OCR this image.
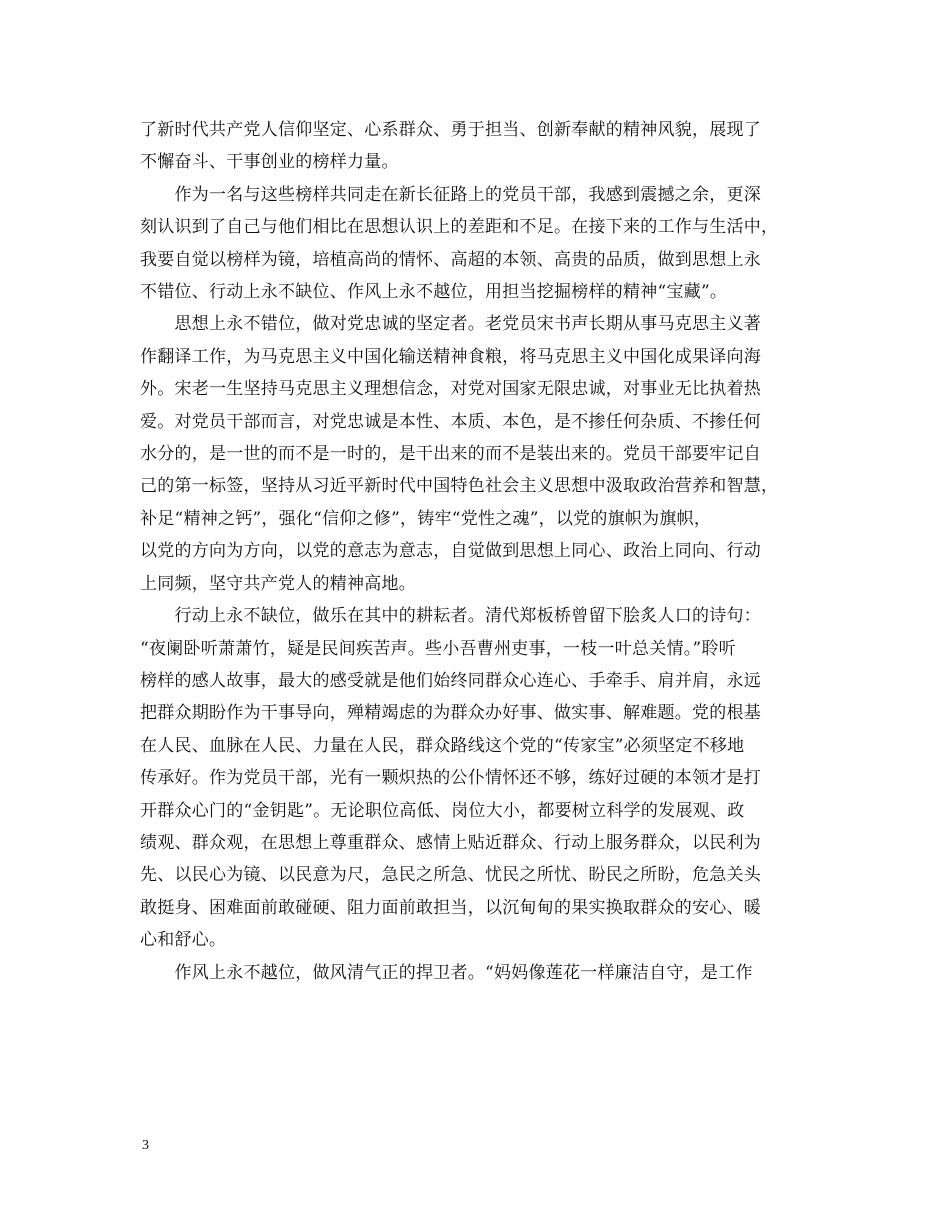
了新时代共产党人信仰坚定、心系群众、勇于担当、创新奉献的精神风貌，展现了
不懈奋斗、干事创业的榜样力量。
　　作为一名与这些榜样共同走在新长征路上的党员干部，我感到震撼之余，更深
刻认识到了自己与他们相比在思想认识上的差距和不足。在接下来的工作与生活中，
我要自觉以榜样为镜，培植高尚的情怀、高超的本领、高贵的品质，做到思想上永
不错位、行动上永不缺位、作风上永不越位，用担当挖掘榜样的精神“宝藏”。
　　思想上永不错位，做对党忠诚的坚定者。老党员宋书声长期从事马克思主义著
作翻译工作，为马克思主义中国化输送精神食粮，将马克思主义中国化成果译向海
外。宋老一生坚持马克思主义理想信念，对党对国家无限忠诚，对事业无比执着热
爱。对党员干部而言，对党忠诚是本性、本质、本色，是不掺任何杂质、不掺任何
水分的，是一世的而不是一时的，是干出来的而不是装出来的。党员干部要牢记自
己的第一标签，坚持从习近平新时代中国特色社会主义思想中汲取政治营养和智慧，
补足“精神之钙”，强化“信仰之修”，铸牢“党性之魂”，以党的旗帜为旗帜，
以党的方向为方向，以党的意志为意志，自觉做到思想上同心、政治上同向、行动
上同频，坚守共产党人的精神高地。
　　行动上永不缺位，做乐在其中的耕耘者。清代郑板桥曾留下脍炙人口的诗句：
“夜阑卧听萧萧竹，疑是民间疾苦声。些小吾曹州吏事，一枝一叶总关情。”聆听
榜样的感人故事，最大的感受就是他们始终同群众心连心、手牵手、肩并肩，永远
把群众期盼作为干事导向，殚精竭虑的为群众办好事、做实事、解难题。党的根基
在人民、血脉在人民、力量在人民，群众路线这个党的“传家宝”必须坚定不移地
传承好。作为党员干部，光有一颗炽热的公仆情怀还不够，练好过硬的本领才是打
开群众心门的“金钥匙”。无论职位高低、岗位大小，都要树立科学的发展观、政
绩观、群众观，在思想上尊重群众、感情上贴近群众、行动上服务群众，以民利为
先、以民心为镜、以民意为尺，急民之所急、忧民之所忧、盼民之所盼，危急关头
敢挺身、困难面前敢碰硬、阻力面前敢担当，以沉甸甸的果实换取群众的安心、暖
心和舒心。
　　作风上永不越位，做风清气正的捍卫者。“妈妈像莲花一样廉洁自守，是工作
3
